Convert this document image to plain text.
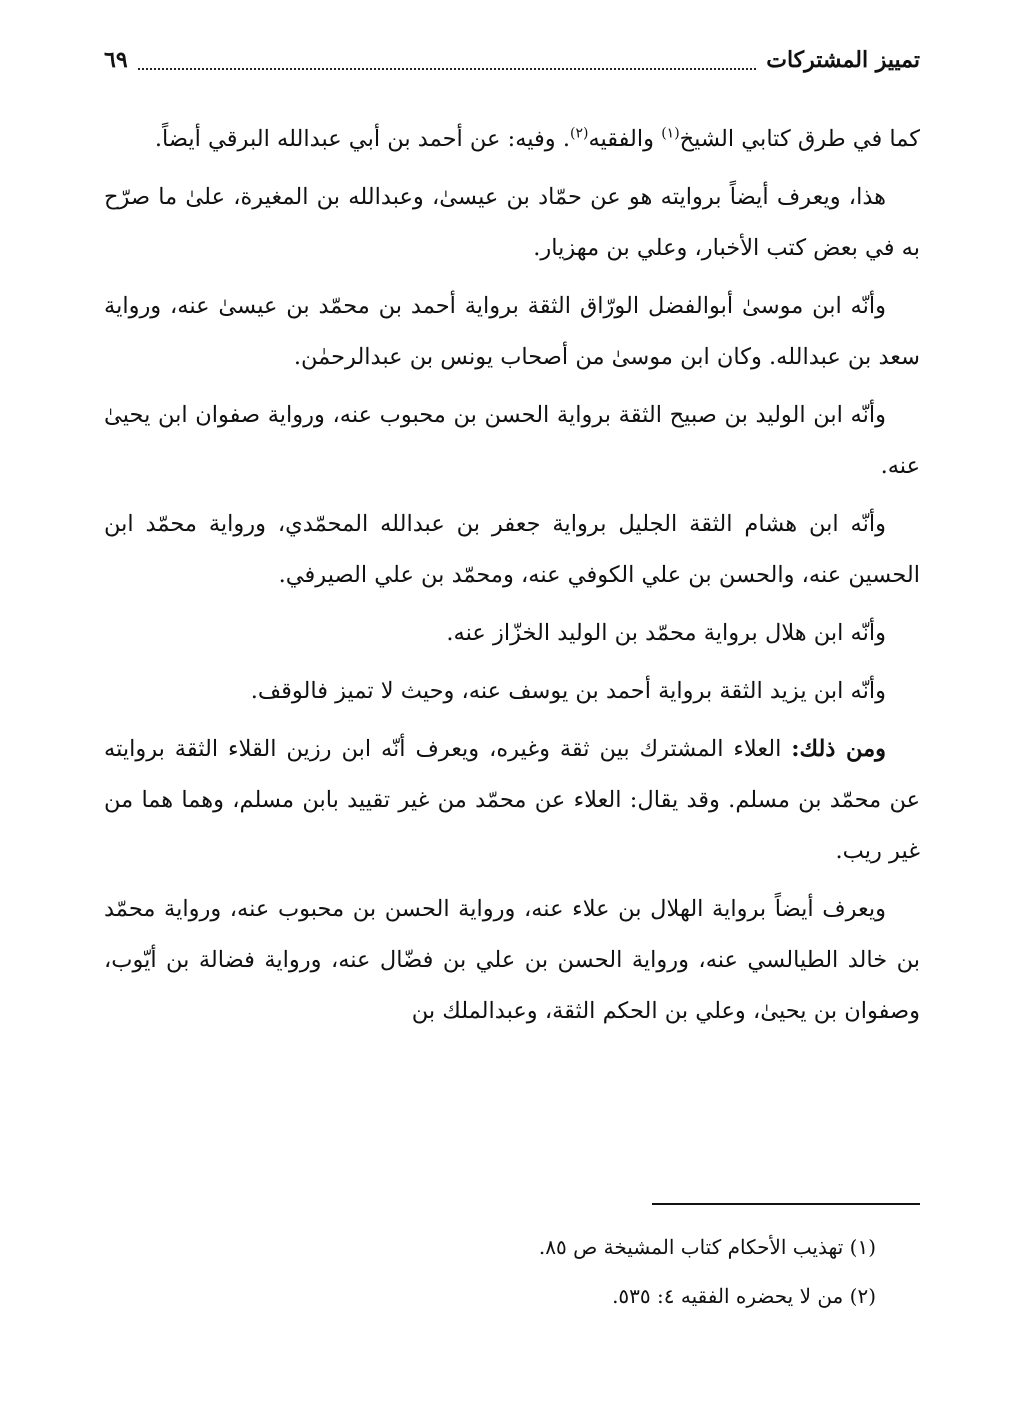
تمييز المشتركات
٦٩

كما في طرق كتابي الشيخ$^{(١)}$ والفقيه$^{(٢)}$. وفيه: عن أحمد بن أبي عبدالله البرقي أيضاً.

هذا، ويعرف أيضاً بروايته هو عن حمّاد بن عيسىٰ، وعبدالله بن المغيرة، علىٰ ما صرّح به في بعض كتب الأخبار، وعلي بن مهزيار.

وأنّه ابن موسىٰ أبوالفضل الورّاق الثقة برواية أحمد بن محمّد بن عيسىٰ عنه، ورواية سعد بن عبدالله. وكان ابن موسىٰ من أصحاب يونس بن عبدالرحمٰن.

وأنّه ابن الوليد بن صبيح الثقة برواية الحسن بن محبوب عنه، ورواية صفوان ابن يحيىٰ عنه.

وأنّه ابن هشام الثقة الجليل برواية جعفر بن عبدالله المحمّدي، ورواية محمّد ابن الحسين عنه، والحسن بن علي الكوفي عنه، ومحمّد بن علي الصيرفي.

وأنّه ابن هلال برواية محمّد بن الوليد الخزّاز عنه.

وأنّه ابن يزيد الثقة برواية أحمد بن يوسف عنه، وحيث لا تميز فالوقف.

ومن ذلك: العلاء المشترك بين ثقة وغيره، ويعرف أنّه ابن رزين القلاء الثقة بروايته عن محمّد بن مسلم. وقد يقال: العلاء عن محمّد من غير تقييد بابن مسلم، وهما هما من غير ريب.

ويعرف أيضاً برواية الهلال بن علاء عنه، ورواية الحسن بن محبوب عنه، ورواية محمّد بن خالد الطيالسي عنه، ورواية الحسن بن علي بن فضّال عنه، ورواية فضالة بن أيّوب، وصفوان بن يحيىٰ، وعلي بن الحكم الثقة، وعبدالملك بن

(١) تهذيب الأحكام كتاب المشيخة ص ٨٥.
(٢) من لا يحضره الفقيه ٤: ٥٣٥.
